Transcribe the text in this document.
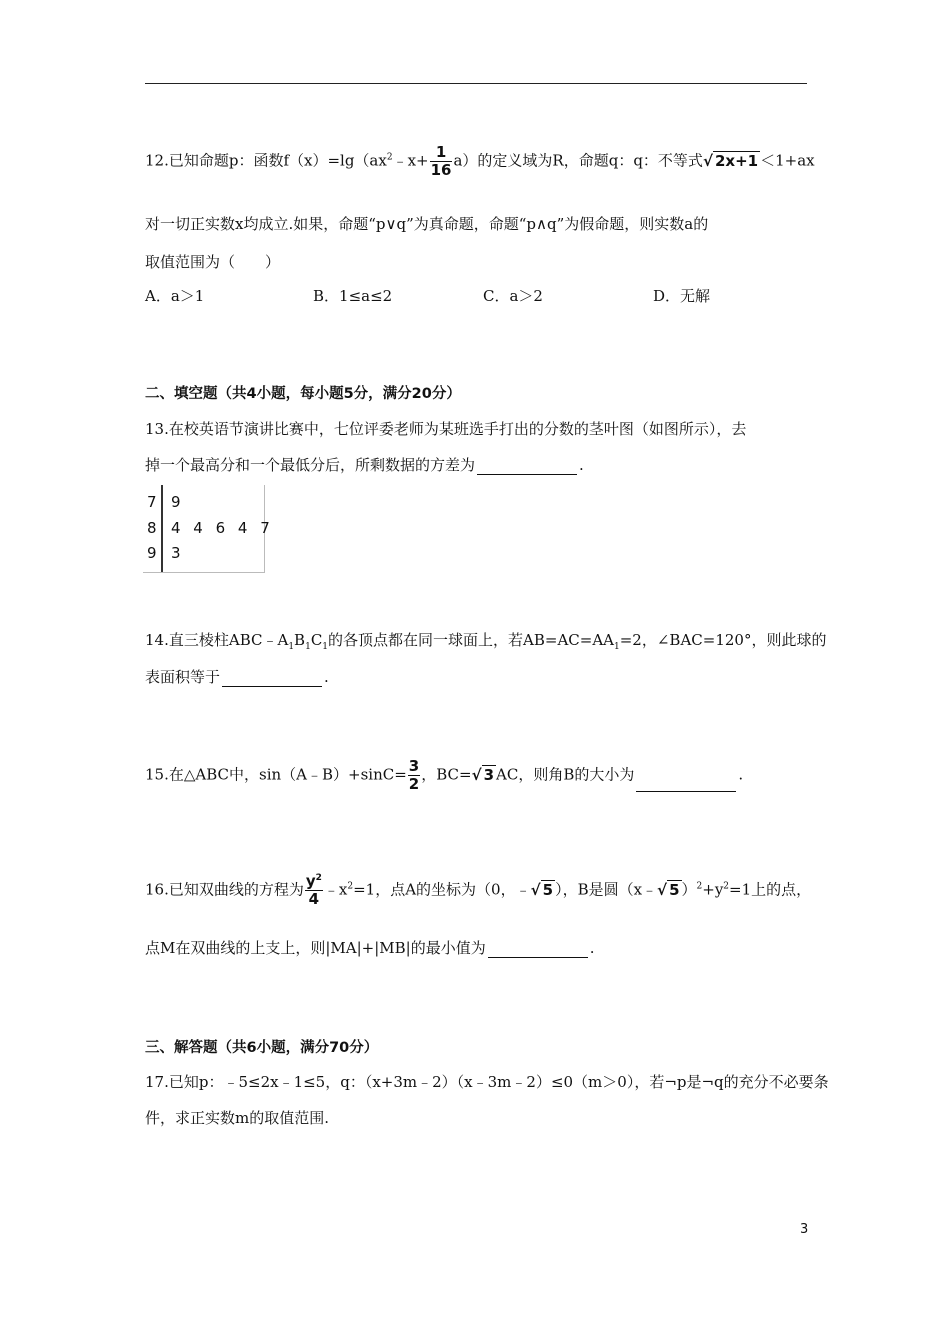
12.已知命题p：函数$f(x)=\lg(ax^2﹣x+ \frac{1}{16} a)$的定义域为R，命题q：q：不等式√ 2x+1 ＜1+ax
对一切正实数x均成立.如果，命题“p∨q”为真命题，命题“p∧q”为假命题，则实数a的
取值范围为（　　）
A．a＞1	B．1≤a≤2	C．a＞2	D．无解
二、填空题（共4小题，每小题5分，满分20分）
13.在校英语节演讲比赛中，七位评委老师为某班选手打出的分数的茎叶图（如图所示），去
掉一个最高分和一个最低分后，所剩数据的方差为	.
7 9
8 4 4 6 4 7
9 3
14.直三棱柱$ABC﹣A_1B_1C_1$的各顶点都在同一球面上，若$AB=AC=AA_1=2$，∠BAC=120°，则此球的
表面积等于	.
15.在△ABC中，sin（A﹣B）+sinC= $\frac{3}{2}$ ，BC=√ 3 AC，则角B的大小为	.
16.已知双曲线的方程为 $\frac{y^2}{4}$ $﹣x^2=1$，点A的坐标为（0，﹣√ 5 ），B是圆（x﹣√ 5 ）$^2+y^2=1$上的点，
点M在双曲线的上支上，则|MA|+|MB|的最小值为	.
三、解答题（共6小题，满分70分）
17.已知p：﹣5≤2x﹣1≤5，q：（x+3m﹣2）（x﹣3m﹣2）≤0（m＞0），若¬p是¬q的充分不必要条
件，求正实数m的取值范围.
3
